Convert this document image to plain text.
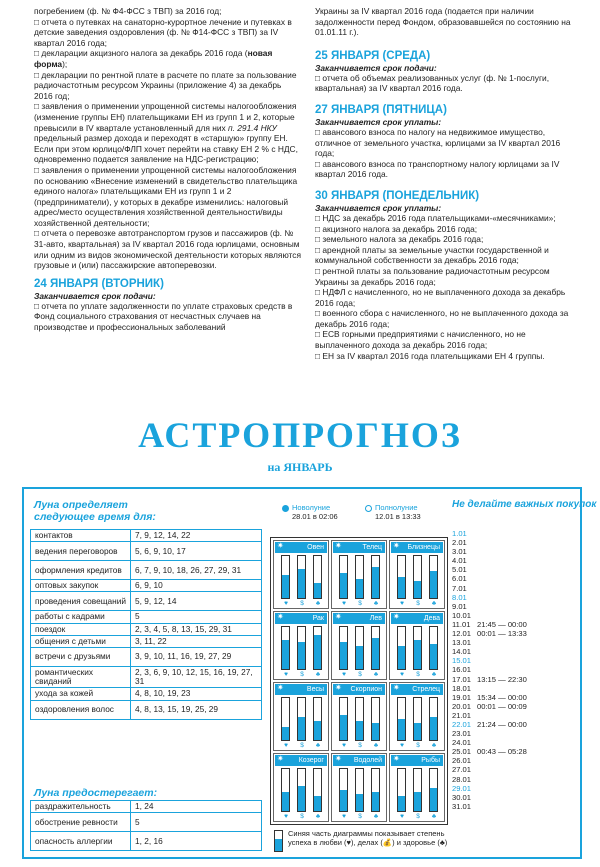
погребением (ф. № Ф4-ФСС з ТВП) за 2016 год;

□ отчета о путевках на санаторно-курортное лечение и путевках в детские заведения оздоровления (ф. № Ф14-ФСС з ТВП) за IV квартал 2016 года;

□ декларации акцизного налога за декабрь 2016 года (новая форма);

□ декларации по рентной плате в расчете по плате за пользование радиочастотным ресурсом Украины (приложение 4) за декабрь 2016 год;

□ заявления о применении упрощенной системы налогообложения (изменение группы ЕН) плательщиками ЕН из групп 1 и 2, которые превысили в IV квартале установленный для них п. 291.4 НКУ предельный размер дохода и переходят в «старшую» группу ЕН. Если при этом юрлицо/ФЛП хочет перейти на ставку ЕН 2 % с НДС, одновременно подается заявление на НДС-регистрацию;

□ заявления о применении упрощенной системы налогообложения по основанию «Внесение изменений в свидетельство плательщика единого налога» плательщиками ЕН из групп 1 и 2 (предприниматели), у которых в декабре изменились: налоговый адрес/место осуществления хозяйственной деятельности/виды хозяйственной деятельности;

□ отчета о перевозке автотранспортом грузов и пассажиров (ф. № 31-авто, квартальная) за IV квартал 2016 года юрлицами, основным или одним из видов экономической деятельности которых являются грузовые и (или) пассажирские автоперевозки.

24 ЯНВАРЯ (ВТОРНИК)
Заканчивается срок подачи:

□ отчета по уплате задолженности по уплате страховых средств в Фонд социального страхования от несчастных случаев на производстве и профессиональных заболеваний

Украины за IV квартал 2016 года (подается при наличии задолженности перед Фондом, образовавшейся по состоянию на 01.01.11 г.).

25 ЯНВАРЯ (СРЕДА)
Заканчивается срок подачи:

□ отчета об объемах реализованных услуг (ф. № 1-послуги, квартальная) за IV квартал 2016 года.

27 ЯНВАРЯ (ПЯТНИЦА)
Заканчивается срок уплаты:

□ авансового взноса по налогу на недвижимое имущество, отличное от земельного участка, юрлицами за IV квартал 2016 года;

□ авансового взноса по транспортному налогу юрлицами за IV квартал 2016 года.

30 ЯНВАРЯ (ПОНЕДЕЛЬНИК)
Заканчивается срок уплаты:

□ НДС за декабрь 2016 года плательщиками-«месячниками»;

□ акцизного налога за декабрь 2016 года;

□ земельного налога за декабрь 2016 года;

□ арендной платы за земельные участки государственной и коммунальной собственности за декабрь 2016 года;

□ рентной платы за пользование радиочастотным ресурсом Украины за декабрь 2016 года;

□ НДФЛ с начисленного, но не выплаченного дохода за декабрь 2016 года;

□ военного сбора с начисленного, но не выплаченного дохода за декабрь 2016 года;

□ ЕСВ горными предприятиями с начисленного, но не выплаченного дохода за декабрь 2016 года;

□ ЕН за IV квартал 2016 года плательщиками ЕН 4 группы.

АСТРОПРОГНОЗ
на ЯНВАРЬ
Луна определяет следующее время для:
контактов	7, 9, 12, 14, 22
ведения переговоров	5, 6, 9, 10, 17
оформления кредитов	6, 7, 9, 10, 18, 26, 27, 29, 31
оптовых закупок	6, 9, 10
проведения совещаний	5, 9, 12, 14
работы с кадрами	5
поездок	2, 3, 4, 5, 8, 13, 15, 29, 31
общения с детьми	3, 11, 22
встречи с друзьями	3, 9, 10, 11, 16, 19, 27, 29
романтических свиданий	2, 3, 6, 9, 10, 12, 15, 16, 19, 27, 31
ухода за кожей	4, 8, 10, 19, 23
оздоровления волос	4, 8, 13, 15, 19, 25, 29
Луна предостерегает:
раздражительность	1, 24
обострение ревности	5
опасность аллергии	1, 2, 16
Новолуние
28.01 в 02:06
Полнолуние
12.01 в 13:33
Овен
✷
♥	$	♣
Телец
✷
♥	$	♣
Близнецы
✷
♥	$	♣
Рак
✷
♥	$	♣
Лев
✷
♥	$	♣
Дева
✷
♥	$	♣
Весы
✷
♥	$	♣
Скорпион
✷
♥	$	♣
Стрелец
✷
♥	$	♣
Козерог
✷
♥	$	♣
Водолей
✷
♥	$	♣
Рыбы
✷
♥	$	♣
Синяя часть диаграммы показывает степень успеха в любви (♥), делах (💰) и здоровье (♣)
Не делайте важных покупок
1.01
2.01
3.01
4.01
5.01
6.01
7.01
8.01
9.01
10.01
11.01 21:45 — 00:00
12.01 00:01 — 13:33
13.01
14.01
15.01
16.01
17.01 13:15 — 22:30
18.01
19.01 15:34 — 00:00
20.01 00:01 — 00:09
21.01
22.01 21:24 — 00:00
23.01
24.01
25.01 00:43 — 05:28
26.01
27.01
28.01
29.01
30.01
31.01
